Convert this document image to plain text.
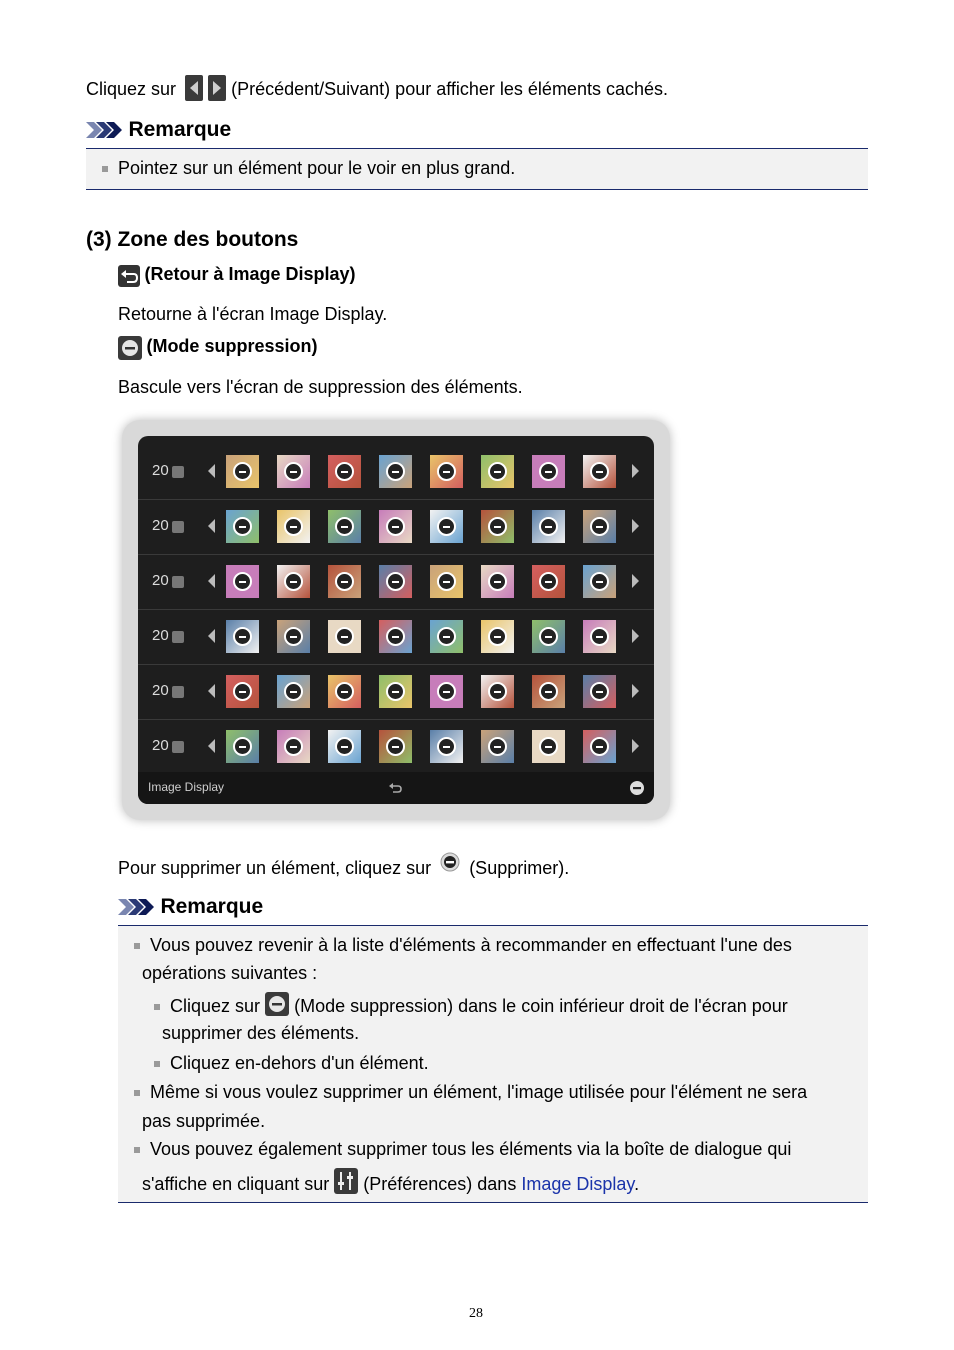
Cliquez sur
	(Précédent/Suivant) pour afficher les éléments cachés.
Remarque
Pointez sur un élément pour le voir en plus grand.
(3) Zone des boutons
(Retour à Image Display)
Retourne à l'écran Image Display.
(Mode suppression)
Bascule vers l'écran de suppression des éléments.
20
20
20
20
20
20
Image Display
Pour supprimer un élément, cliquez sur (Supprimer).
Remarque
Vous pouvez revenir à la liste d'éléments à recommander en effectuant l'une des
opérations suivantes :
Cliquez sur (Mode suppression) dans le coin inférieur droit de l'écran pour
supprimer des éléments.
Cliquez en-dehors d'un élément.
Même si vous voulez supprimer un élément, l'image utilisée pour l'élément ne sera
pas supprimée.
Vous pouvez également supprimer tous les éléments via la boîte de dialogue qui
s'affiche en cliquant sur (Préférences) dans Image Display.
28
